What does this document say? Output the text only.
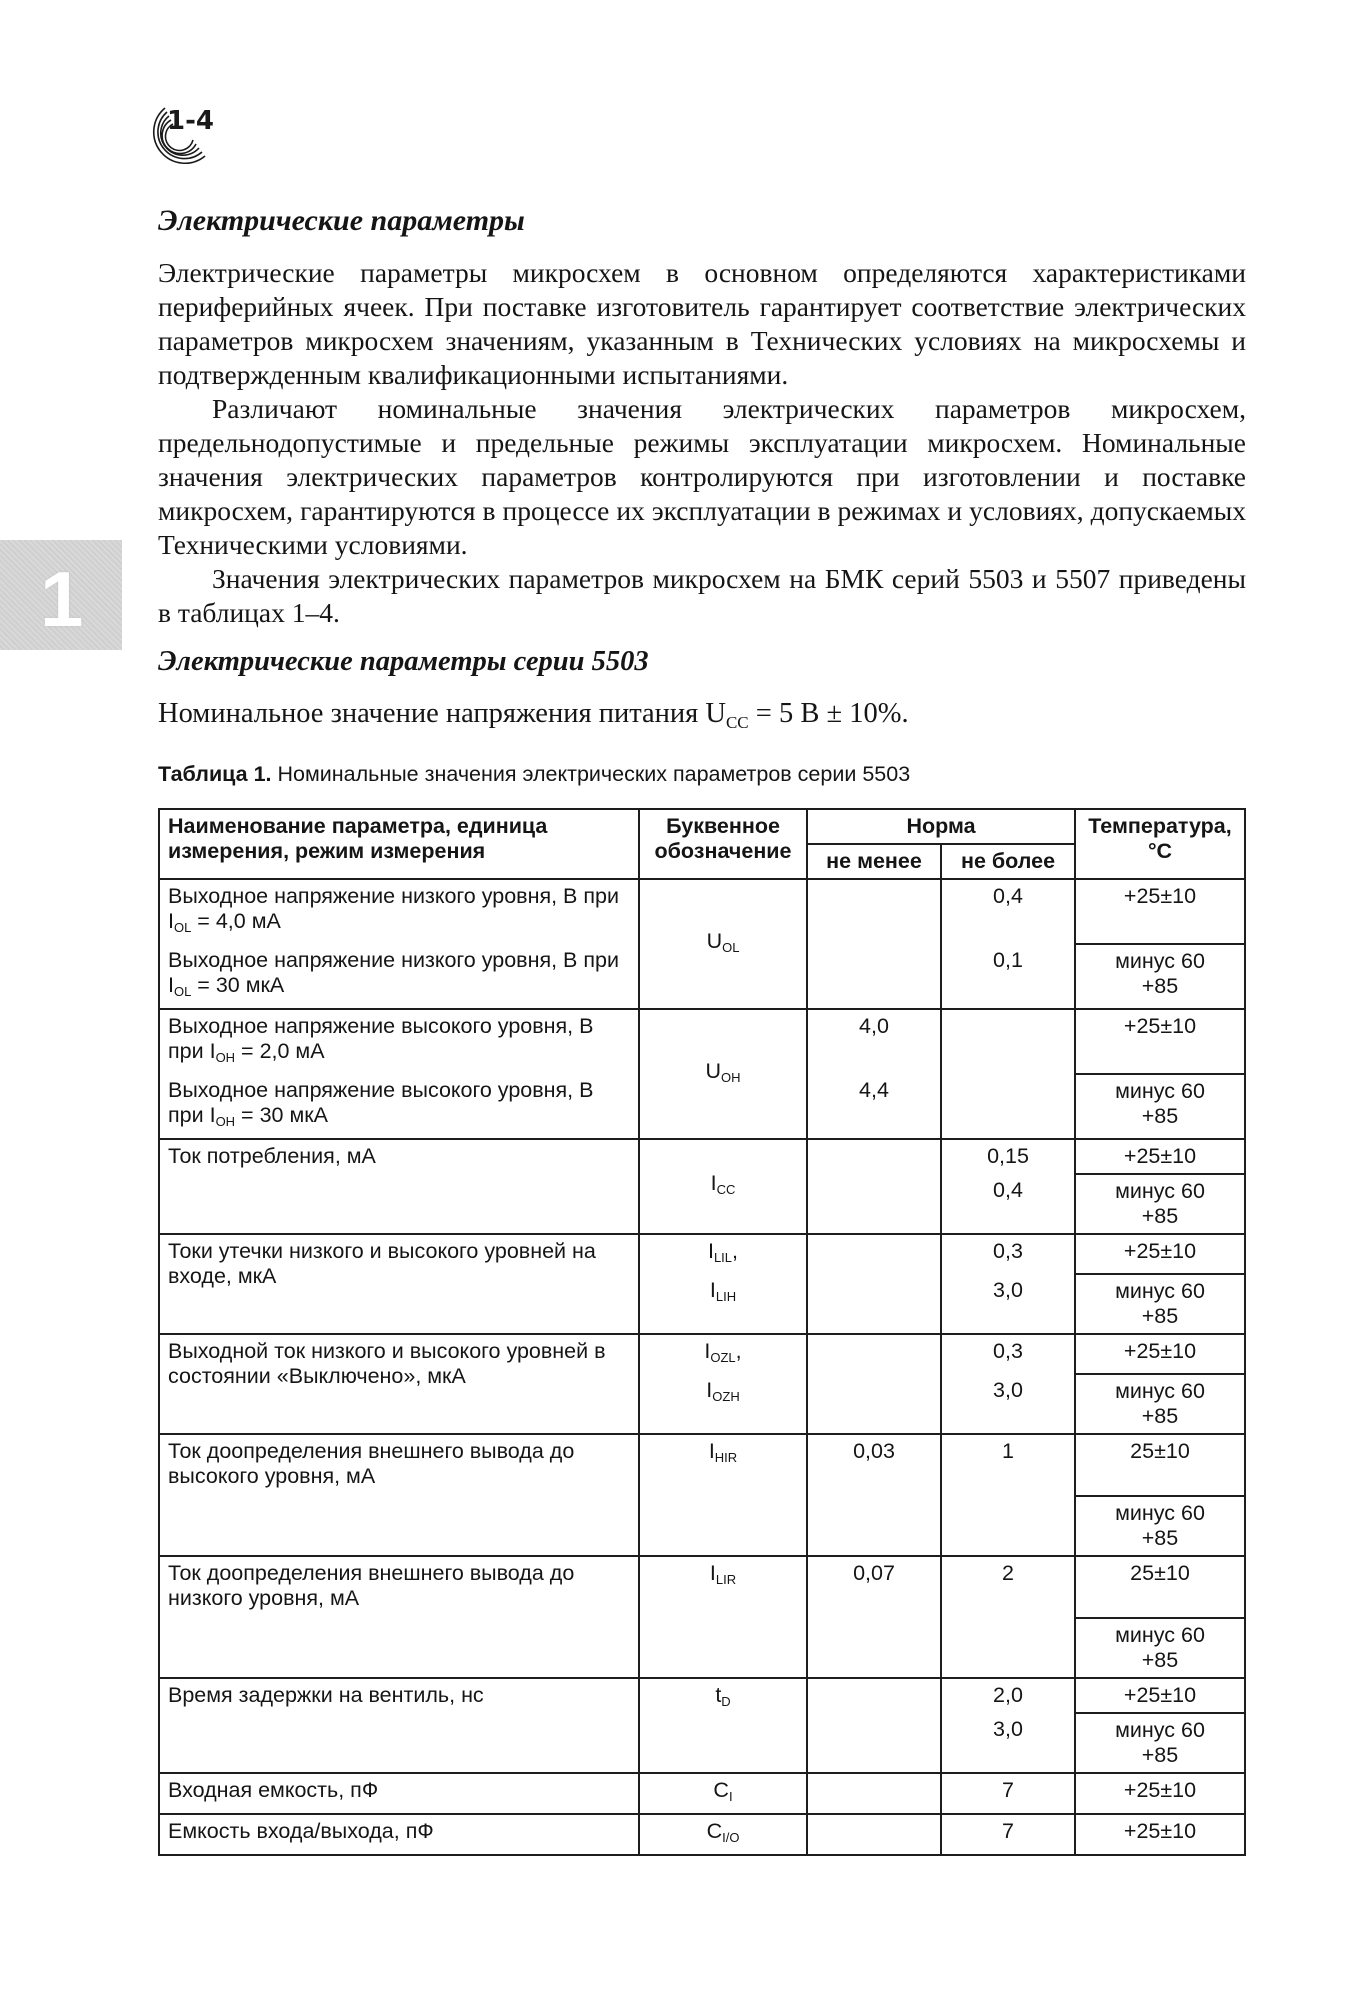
1-4
1
Электрические параметры

Электрические параметры микросхем в основном определяются характеристиками периферийных ячеек. При поставке изготовитель гарантирует соответствие электрических параметров микросхем значениям, указанным в Технических условиях на микросхемы и подтвержденным квалификационными испытаниями.

Различают номинальные значения электрических параметров микросхем, предельнодопустимые и предельные режимы эксплуатации микросхем. Номинальные значения электрических параметров контролируются при изготовлении и поставке микросхем, гарантируются в процессе их эксплуатации в режимах и условиях, допускаемых Техническими условиями.

Значения электрических параметров микросхем на БМК серий 5503 и 5507 приведены в таблицах 1–4.

Электрические параметры серии 5503
Номинальное значение напряжения питания $U_{CC} = 5$ В ± 10%.
Таблица 1. Номинальные значения электрических параметров серии 5503
Наименование параметра, единица измерения, режим измерения	Буквенное обозначение	Норма		Температура, °С
		не менее	не более	
Выходное напряжение низкого уровня, В при $I_{OL} = 4,0$ мА	$U_{OL}$		0,4	+25±10
Выходное напряжение низкого уровня, В при $I_{OL} = 30$ мкА			0,1	минус 60
+85
Выходное напряжение высокого уровня, В при $I_{OH} = 2,0$ мА	$U_{OH}$	4,0		+25±10
Выходное напряжение высокого уровня, В при $I_{OH} = 30$ мкА		4,4		минус 60
+85
Ток потребления, мА	$I_{CC}$		0,15	+25±10
			0,4	минус 60
+85
Токи утечки низкого и высокого уровней на входе, мкА	$I_{LIL}$,		0,3	+25±10
	$I_{LIH}$		3,0	минус 60
+85
Выходной ток низкого и высокого уровней в состоянии «Выключено», мкА	$I_{OZL}$,		0,3	+25±10
	$I_{OZH}$		3,0	минус 60
+85
Ток доопределения внешнего вывода до высокого уровня, мА	$I_{HIR}$	0,03	1	25±10
				минус 60
+85
Ток доопределения внешнего вывода до низкого уровня, мА	$I_{LIR}$	0,07	2	25±10
				минус 60
+85
Время задержки на вентиль, нс	$t_D$		2,0	+25±10
			3,0	минус 60
+85
Входная емкость, пФ	$C_I$		7	+25±10
Емкость входа/выхода, пФ	$C_{I/O}$		7	+25±10
